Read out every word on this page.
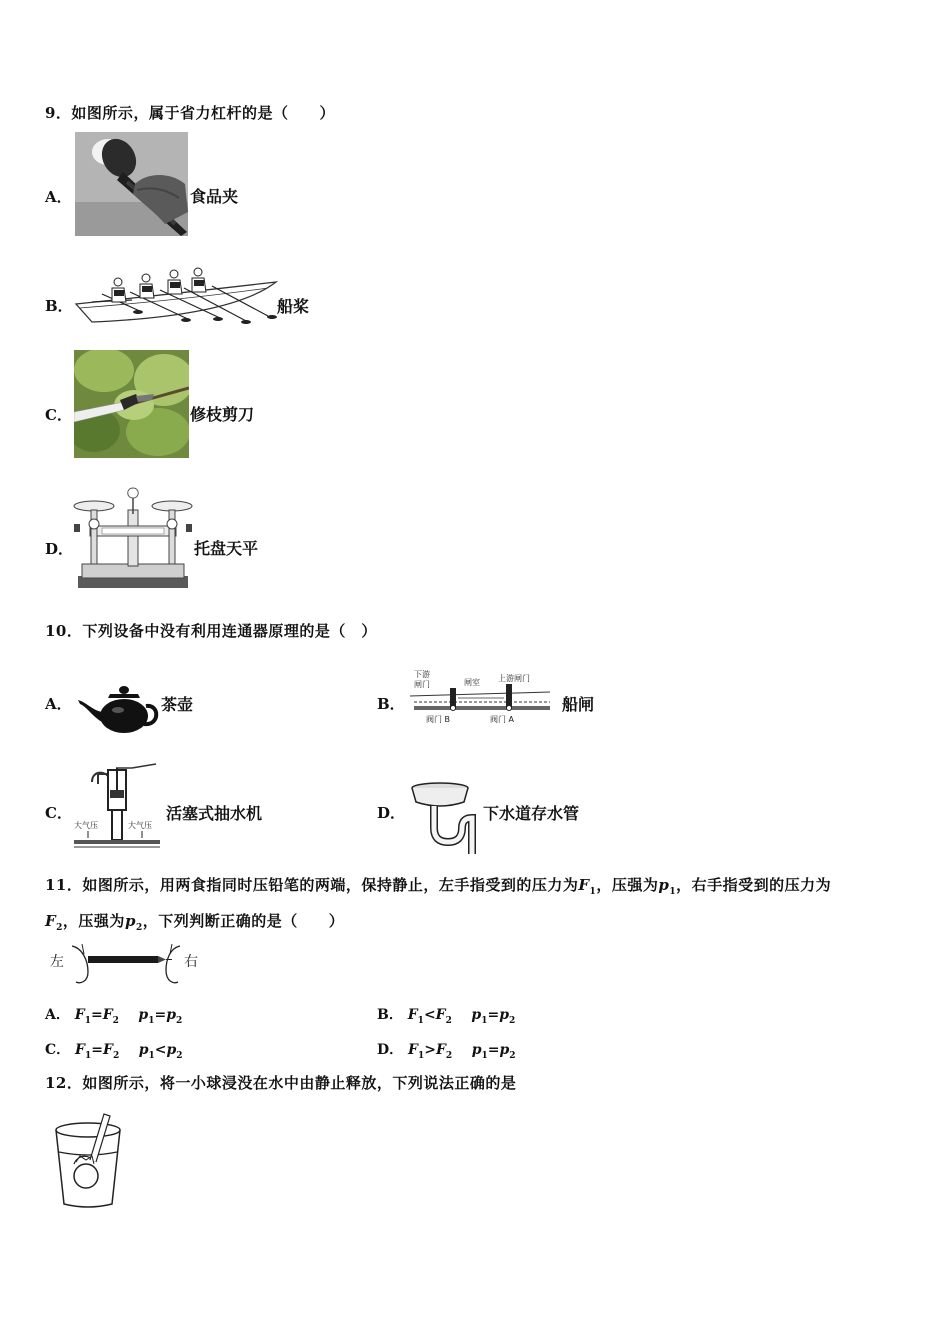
9．如图所示，属于省力杠杆的是（　　）
A．	食品夹
B．	船桨
C．	修枝剪刀
D．	托盘天平
10．下列设备中没有利用连通器原理的是（　）
A．	茶壶	B．
下游
闸门	闸室 上游闸门
阀门 B	阀门 A
船闸
C．
大气压	大气压
活塞式抽水机	D．	下水道存水管
11．如图所示，用两食指同时压铅笔的两端，保持静止，左手指受到的压力为$F_1$，压强为$p_1$，右手指受到的压力为
$F_2$，压强为$p_2$，下列判断正确的是（　　）
左	右
A． $F_1=F_2$ $p_1=p_2$	B． $F_1<F_2$ $p_1=p_2$
C． $F_1=F_2$ $p_1<p_2$	D． $F_1>F_2$ $p_1=p_2$
12．如图所示，将一小球浸没在水中由静止释放，下列说法正确的是
